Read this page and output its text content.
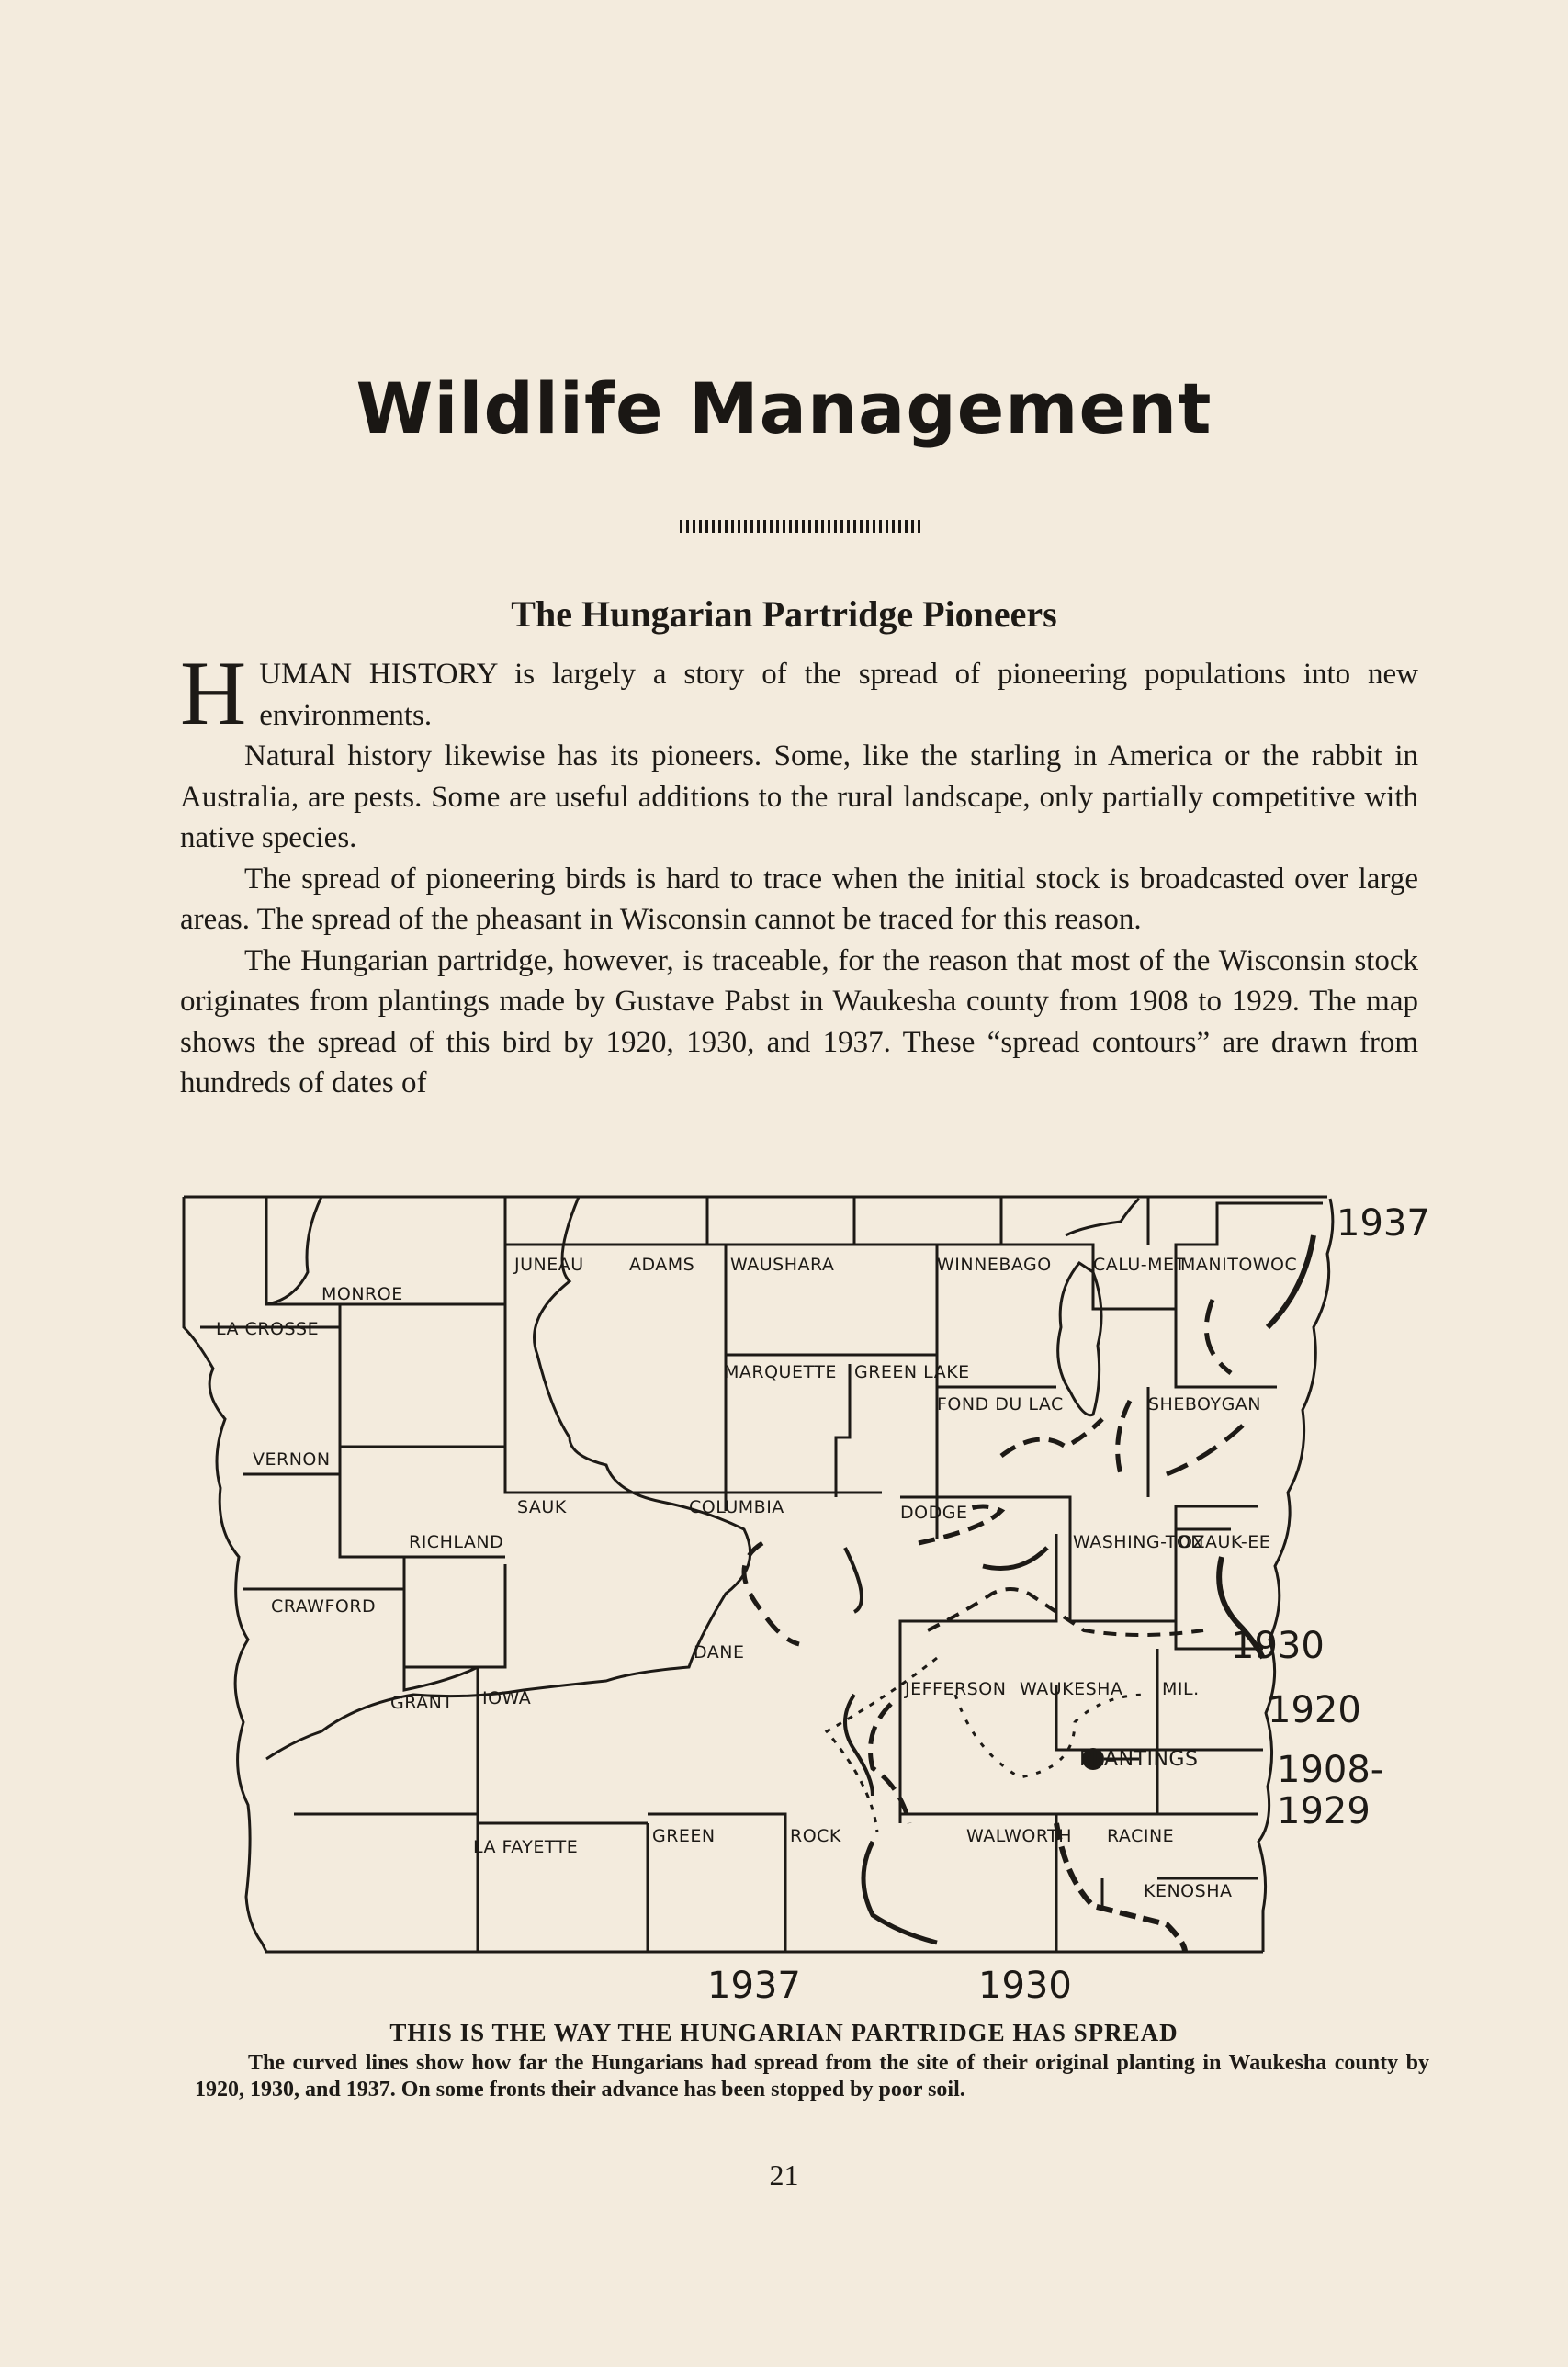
Wildlife Management
The Hungarian Partridge Pioneers

HUMAN HISTORY is largely a story of the spread of pioneering populations into new environments.

Natural history likewise has its pioneers. Some, like the starling in America or the rabbit in Australia, are pests. Some are useful additions to the rural landscape, only partially competitive with native species.

The spread of pioneering birds is hard to trace when the initial stock is broadcasted over large areas. The spread of the pheasant in Wisconsin cannot be traced for this reason.

The Hungarian partridge, however, is traceable, for the reason that most of the Wisconsin stock originates from plantings made by Gustave Pabst in Waukesha county from 1908 to 1929. The map shows the spread of this bird by 1920, 1930, and 1937. These “spread contours” are drawn from hundreds of dates of

MONROE
LA CROSSE
VERNON
CRAWFORD
RICHLAND
GRANT IOWA
LA FAYETTE
JUNEAU	ADAMS WAUSHARA
MARQUETTE GREEN LAKE
WINNEBAGO CALU-MET
MANITOWOC
FOND DU LAC	SHEBOYGAN
SAUK	COLUMBIA	DODGE
WASHING-TON
OZAUK-EE
DANE
JEFFERSON WAUKESHA MIL.
GREEN	ROCK	WALWORTH RACINE
KENOSHA
PLANTINGS
1937
1930
1920
1908-
1929
1937	1930
THIS IS THE WAY THE HUNGARIAN PARTRIDGE HAS SPREAD
The curved lines show how far the Hungarians had spread from the site of their original planting in Waukesha county by 1920, 1930, and 1937. On some fronts their advance has been stopped by poor soil.
21
